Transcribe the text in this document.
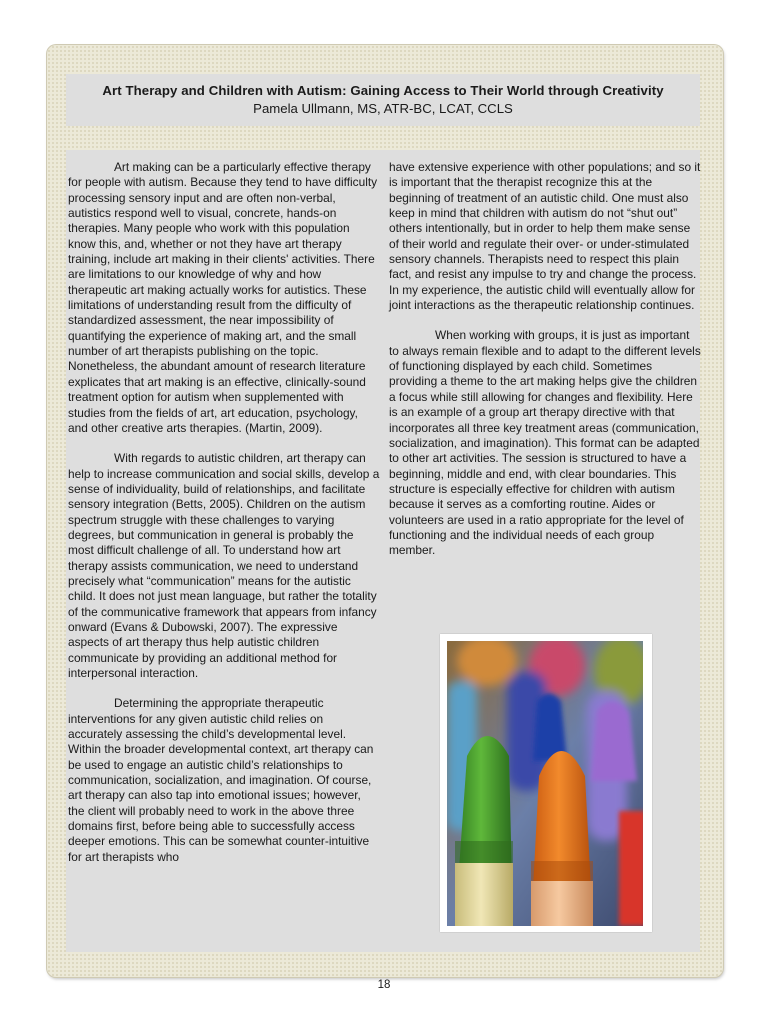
Art Therapy and Children with Autism: Gaining Access to Their World through Creativity
Pamela Ullmann, MS, ATR-BC, LCAT, CCLS

Art making can be a particularly effective therapy for people with autism. Because they tend to have difficulty processing sensory input and are often non-verbal, autistics respond well to visual, concrete, hands-on therapies. Many people who work with this population know this, and, whether or not they have art therapy training, include art making in their clients' activities. There are limitations to our knowledge of why and how therapeutic art making actually works for autistics. These limitations of understanding result from the difficulty of standardized assessment, the near impossibility of quantifying the experience of making art, and the small number of art therapists publishing on the topic. Nonetheless, the abundant amount of research literature explicates that art making is an effective, clinically-sound treatment option for autism when supplemented with studies from the fields of art, art education, psychology, and other creative arts therapies. (Martin, 2009).

With regards to autistic children, art therapy can help to increase communication and social skills, develop a sense of individuality, build of relationships, and facilitate sensory integration (Betts, 2005). Children on the autism spectrum struggle with these challenges to varying degrees, but communication in general is probably the most difficult challenge of all. To understand how art therapy assists communication, we need to understand precisely what “communication” means for the autistic child. It does not just mean language, but rather the totality of the communicative framework that appears from infancy onward (Evans & Dubowski, 2007). The expressive aspects of art therapy thus help autistic children communicate by providing an additional method for interpersonal interaction.

Determining the appropriate therapeutic interventions for any given autistic child relies on accurately assessing the child’s developmental level. Within the broader developmental context, art therapy can be used to engage an autistic child’s relationships to communication, socialization, and imagination. Of course, art therapy can also tap into emotional issues; however, the client will probably need to work in the above three domains first, before being able to successfully access deeper emotions. This can be somewhat counter-intuitive for art therapists who

have extensive experience with other populations; and so it is important that the therapist recognize this at the beginning of treatment of an autistic child. One must also keep in mind that children with autism do not “shut out” others intentionally, but in order to help them make sense of their world and regulate their over- or under-stimulated sensory channels. Therapists need to respect this plain fact, and resist any impulse to try and change the process. In my experience, the autistic child will eventually allow for joint interactions as the therapeutic relationship continues.

When working with groups, it is just as important to always remain flexible and to adapt to the different levels of functioning displayed by each child. Sometimes providing a theme to the art making helps give the children a focus while still allowing for changes and flexibility. Here is an example of a group art therapy directive with that incorporates all three key treatment areas (communication, socialization, and imagination). This format can be adapted to other art activities. The session is structured to have a beginning, middle and end, with clear boundaries. This structure is especially effective for children with autism because it serves as a comforting routine. Aides or volunteers are used in a ratio appropriate for the level of functioning and the individual needs of each group member.

18
